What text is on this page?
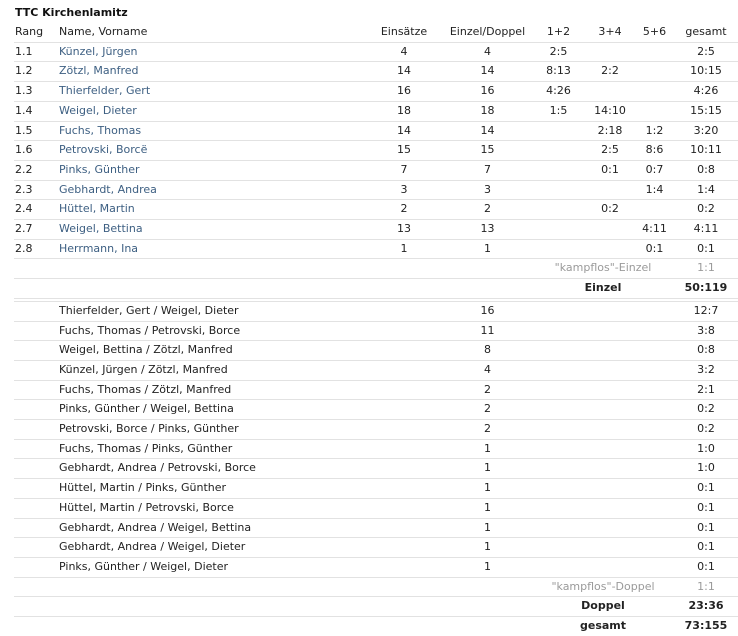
TTC Kirchenlamitz
Rang	Name, Vorname	Einsätze	Einzel/Doppel	1+2	3+4	5+6	gesamt
1.1	Künzel, Jürgen	4	4	2:5			2:5
1.2	Zötzl, Manfred	14	14	8:13	2:2		10:15
1.3	Thierfelder, Gert	16	16	4:26			4:26
1.4	Weigel, Dieter	18	18	1:5	14:10		15:15
1.5	Fuchs, Thomas	14	14		2:18	1:2	3:20
1.6	Petrovski, Borcë	15	15		2:5	8:6	10:11
2.2	Pinks, Günther	7	7		0:1	0:7	0:8
2.3	Gebhardt, Andrea	3	3			1:4	1:4
2.4	Hüttel, Martin	2	2		0:2		0:2
2.7	Weigel, Bettina	13	13			4:11	4:11
2.8	Herrmann, Ina	1	1			0:1	0:1
				"kampflos"-Einzel			1:1
				Einzel			50:119

	Thierfelder, Gert / Weigel, Dieter		16				12:7
	Fuchs, Thomas / Petrovski, Borce		11				3:8
	Weigel, Bettina / Zötzl, Manfred		8				0:8
	Künzel, Jürgen / Zötzl, Manfred		4				3:2
	Fuchs, Thomas / Zötzl, Manfred		2				2:1
	Pinks, Günther / Weigel, Bettina		2				0:2
	Petrovski, Borce / Pinks, Günther		2				0:2
	Fuchs, Thomas / Pinks, Günther		1				1:0
	Gebhardt, Andrea / Petrovski, Borce		1				1:0
	Hüttel, Martin / Pinks, Günther		1				0:1
	Hüttel, Martin / Petrovski, Borce		1				0:1
	Gebhardt, Andrea / Weigel, Bettina		1				0:1
	Gebhardt, Andrea / Weigel, Dieter		1				0:1
	Pinks, Günther / Weigel, Dieter		1				0:1
				"kampflos"-Doppel			1:1
				Doppel			23:36
				gesamt			73:155
